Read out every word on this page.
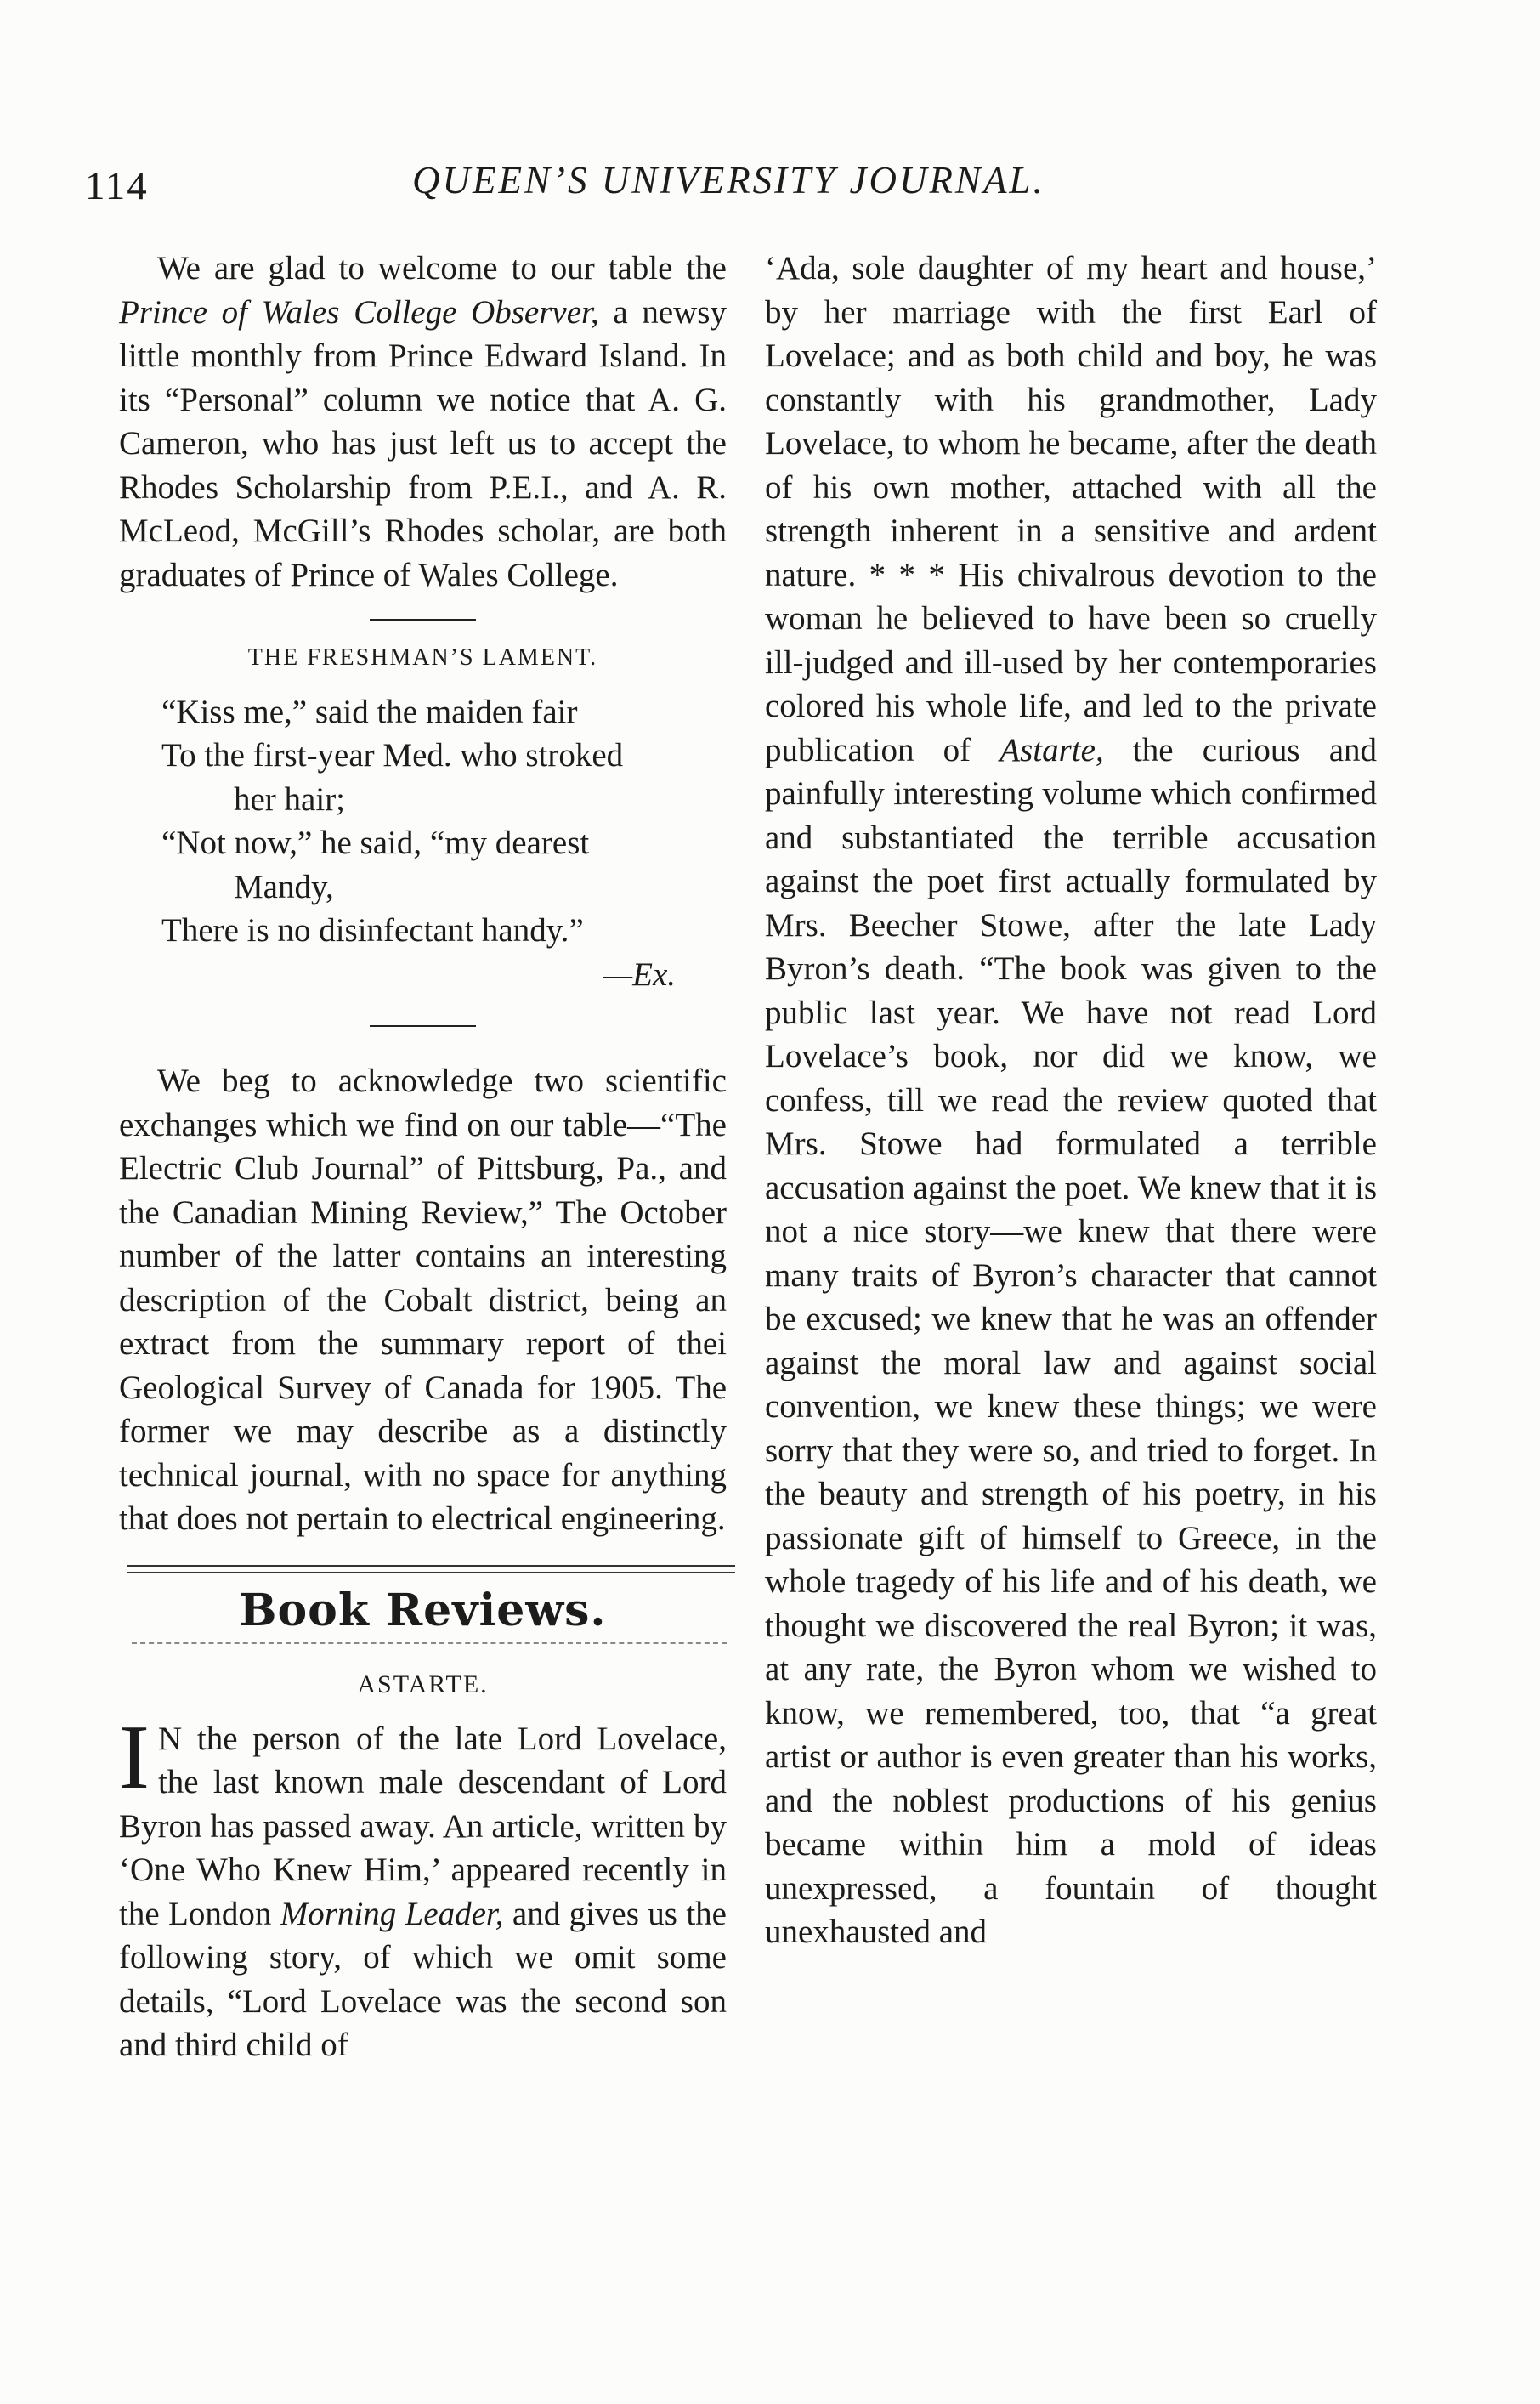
114	QUEEN’S UNIVERSITY JOURNAL.

We are glad to welcome to our table the Prince of Wales College Observer, a newsy little monthly from Prince Edward Island. In its “Personal” column we notice that A. G. Cameron, who has just left us to accept the Rhodes Scholarship from P.E.I., and A. R. McLeod, McGill’s Rhodes scholar, are both graduates of Prince of Wales College.

THE FRESHMAN’S LAMENT.

“Kiss me,” said the maiden fair

To the first-year Med. who stroked

her hair;

“Not now,” he said, “my dearest

Mandy,

There is no disinfectant handy.”

—Ex.

We beg to acknowledge two scientific exchanges which we find on our table—“The Electric Club Journal” of Pittsburg, Pa., and the Canadian Mining Review,” The October number of the latter contains an interesting description of the Cobalt district, being an extract from the summary report of thei Geological Survey of Canada for 1905. The former we may describe as a distinctly technical journal, with no space for anything that does not pertain to electrical engineering.

Book Reviews.
ASTARTE.

I N the person of the late Lord Lovelace, the last known male descendant of Lord Byron has passed away. An article, written by ‘One Who Knew Him,’ appeared recently in the London Morning Leader, and gives us the following story, of which we omit some details, “Lord Lovelace was the second son and third child of

‘Ada, sole daughter of my heart and house,’ by her marriage with the first Earl of Lovelace; and as both child and boy, he was constantly with his grandmother, Lady Lovelace, to whom he became, after the death of his own mother, attached with all the strength inherent in a sensitive and ardent nature. * * * His chivalrous devotion to the woman he believed to have been so cruelly ill-judged and ill-used by her contemporaries colored his whole life, and led to the private publication of Astarte, the curious and painfully interesting volume which confirmed and substantiated the terrible accusation against the poet first actually formulated by Mrs. Beecher Stowe, after the late Lady Byron’s death. “The book was given to the public last year. We have not read Lord Lovelace’s book, nor did we know, we confess, till we read the review quoted that Mrs. Stowe had formulated a terrible accusation against the poet. We knew that it is not a nice story—we knew that there were many traits of Byron’s character that cannot be excused; we knew that he was an offender against the moral law and against social convention, we knew these things; we were sorry that they were so, and tried to forget. In the beauty and strength of his poetry, in his passionate gift of himself to Greece, in the whole tragedy of his life and of his death, we thought we discovered the real Byron; it was, at any rate, the Byron whom we wished to know, we remembered, too, that “a great artist or author is even greater than his works, and the noblest productions of his genius became within him a mold of ideas unexpressed, a fountain of thought unexhausted and
